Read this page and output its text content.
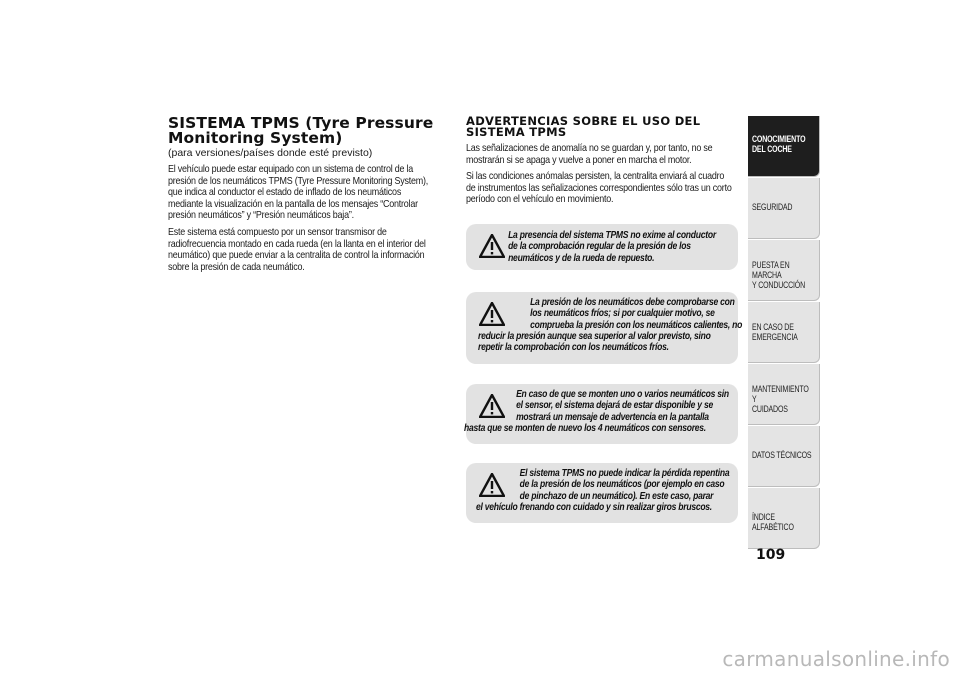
SISTEMA TPMS (Tyre Pressure
Monitoring System)
(para versiones/países donde esté previsto)
El vehículo puede estar equipado con un sistema de control de la
presión de los neumáticos TPMS (Tyre Pressure Monitoring System),
que indica al conductor el estado de inflado de los neumáticos
mediante la visualización en la pantalla de los mensajes “Controlar
presión neumáticos” y “Presión neumáticos baja”.
Este sistema está compuesto por un sensor transmisor de
radiofrecuencia montado en cada rueda (en la llanta en el interior del
neumático) que puede enviar a la centralita de control la información
sobre la presión de cada neumático.
ADVERTENCIAS SOBRE EL USO DEL
SISTEMA TPMS
Las señalizaciones de anomalía no se guardan y, por tanto, no se
mostrarán si se apaga y vuelve a poner en marcha el motor.
Si las condiciones anómalas persisten, la centralita enviará al cuadro
de instrumentos las señalizaciones correspondientes sólo tras un corto
período con el vehículo en movimiento.
La presencia del sistema TPMS no exime al conductor
de la comprobación regular de la presión de los
neumáticos y de la rueda de repuesto.
La presión de los neumáticos debe comprobarse con
los neumáticos fríos; si por cualquier motivo, se
comprueba la presión con los neumáticos calientes, no
reducir la presión aunque sea superior al valor previsto, sino
repetir la comprobación con los neumáticos fríos.
En caso de que se monten uno o varios neumáticos sin
el sensor, el sistema dejará de estar disponible y se
mostrará un mensaje de advertencia en la pantalla
hasta que se monten de nuevo los 4 neumáticos con sensores.
El sistema TPMS no puede indicar la pérdida repentina
de la presión de los neumáticos (por ejemplo en caso
de pinchazo de un neumático). En este caso, parar
el vehículo frenando con cuidado y sin realizar giros bruscos.
CONOCIMIENTO
DEL COCHE
SEGURIDAD
PUESTA EN MARCHA
Y CONDUCCIÓN
EN CASO DE
EMERGENCIA
MANTENIMIENTO Y
CUIDADOS
DATOS TÉCNICOS
ÍNDICE ALFABÉTICO
109
carmanualsonline.info
